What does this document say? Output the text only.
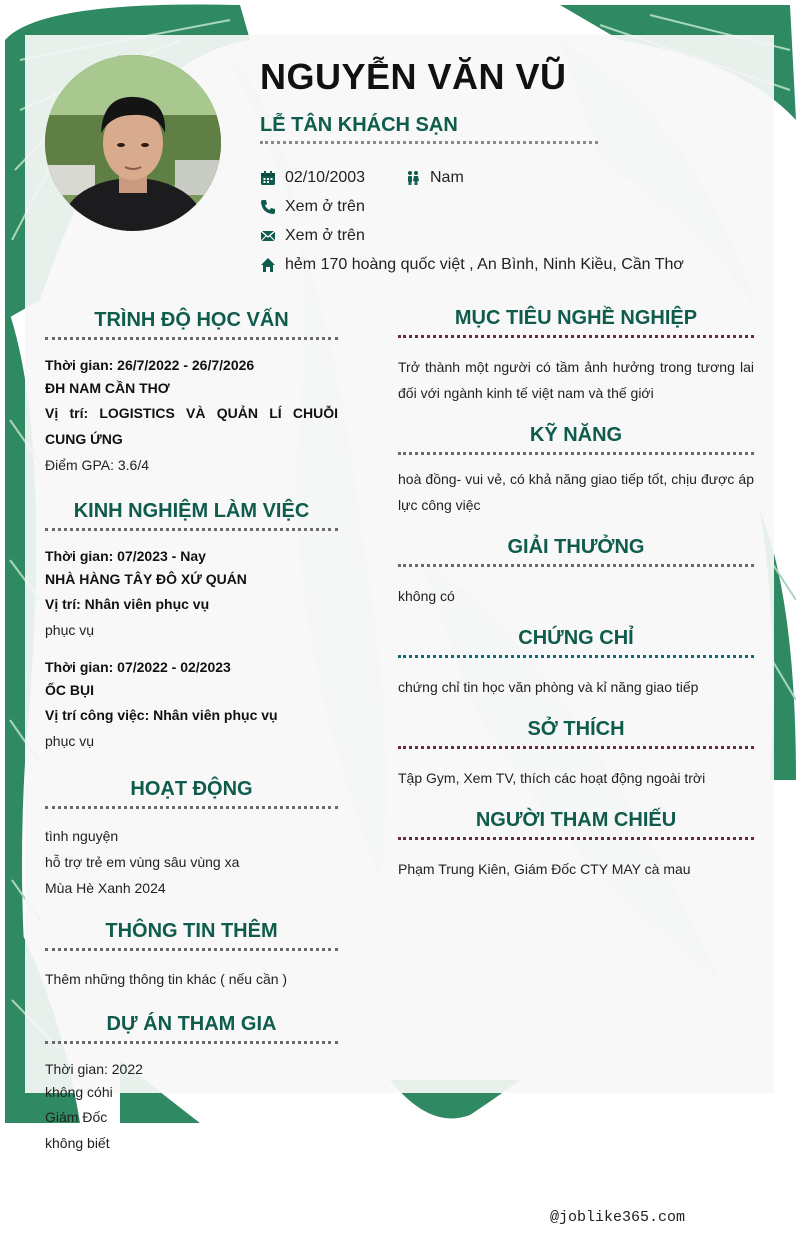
NGUYỄN VĂN VŨ
LỄ TÂN KHÁCH SẠN
02/10/2003	Nam
Xem ở trên
Xem ở trên
hẻm 170 hoàng quốc việt , An Bình, Ninh Kiều, Cần Thơ
TRÌNH ĐỘ HỌC VẤN

Thời gian: 26/7/2022 - 26/7/2026

ĐH NAM CẦN THƠ

Vị trí: LOGISTICS VÀ QUẢN LÍ CHUỖI CUNG ỨNG

Điểm GPA: 3.6/4

KINH NGHIỆM LÀM VIỆC

Thời gian: 07/2023 - Nay

NHÀ HÀNG TÂY ĐÔ XỨ QUÁN

Vị trí: Nhân viên phục vụ

phục vụ

Thời gian: 07/2022 - 02/2023

ỐC BỤI

Vị trí công việc: Nhân viên phục vụ

phục vụ

HOẠT ĐỘNG

tình nguyện

hỗ trợ trẻ em vùng sâu vùng xa

Mùa Hè Xanh 2024

THÔNG TIN THÊM

Thêm những thông tin khác ( nếu cần )

DỰ ÁN THAM GIA

Thời gian: 2022

không cóhi

Giám Đốc

không biết

MỤC TIÊU NGHỀ NGHIỆP

Trở thành một người có tầm ảnh hưởng trong tương lai đối với ngành kinh tế việt nam và thế giới

KỸ NĂNG

hoà đồng- vui vẻ, có khả năng giao tiếp tốt, chịu được áp lực công việc

GIẢI THƯỞNG

không có

CHỨNG CHỈ

chứng chỉ tin học văn phòng và kỉ năng giao tiếp

SỞ THÍCH

Tập Gym, Xem TV, thích các hoạt động ngoài trời

NGƯỜI THAM CHIẾU

Phạm Trung Kiên, Giám Đốc CTY MAY cà mau

@joblike365.com
